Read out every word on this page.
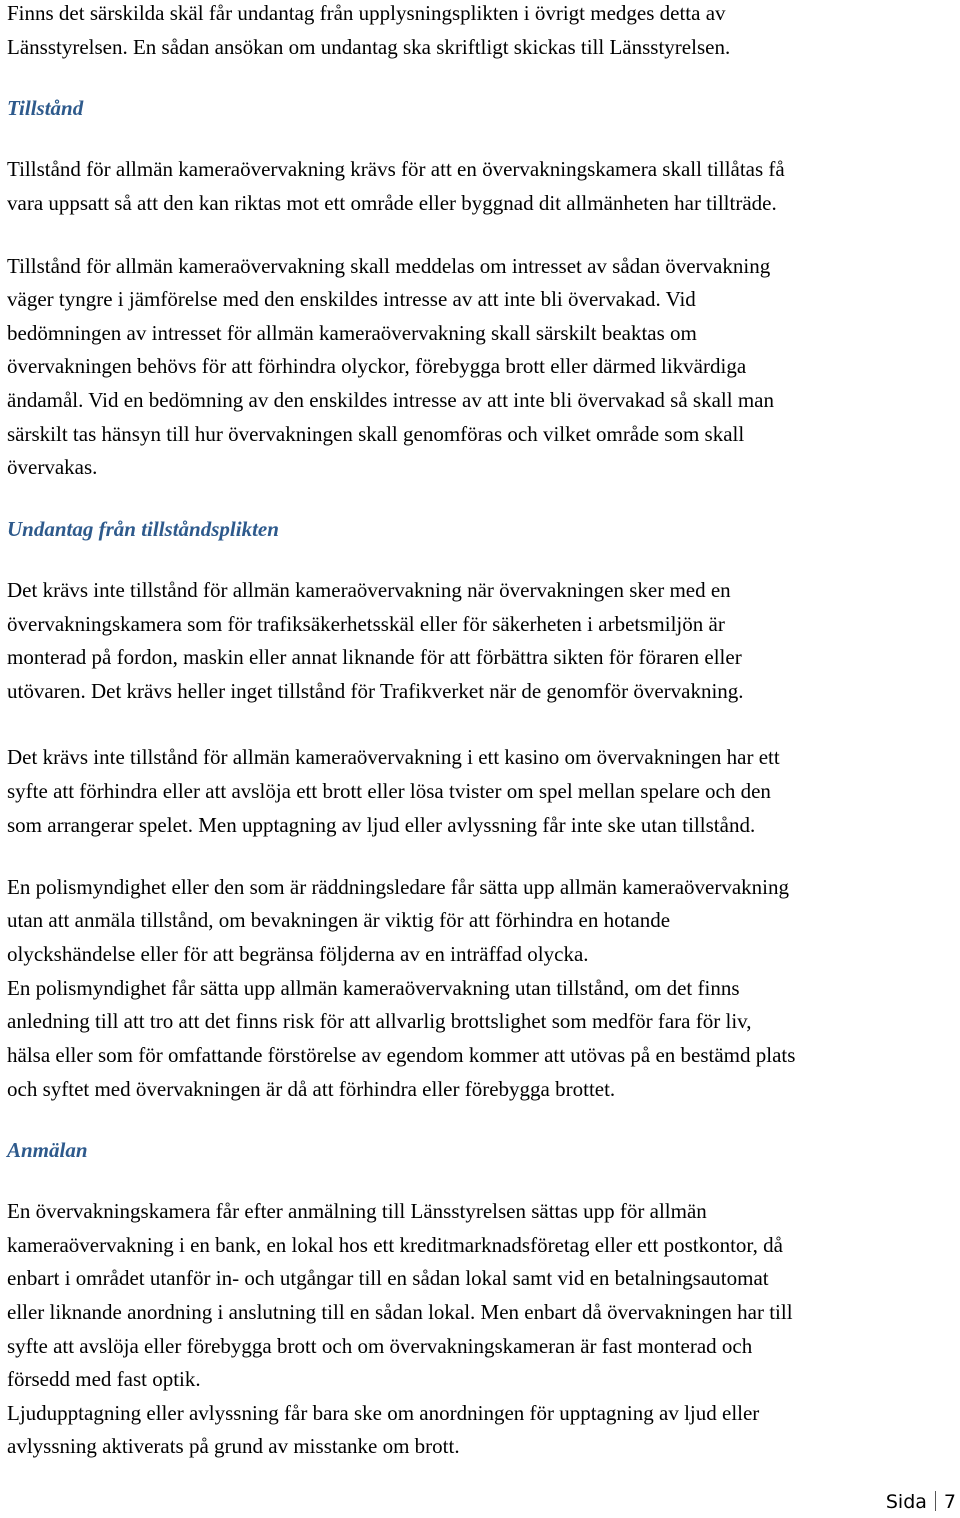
Finns det särskilda skäl får undantag från upplysningsplikten i övrigt medges detta av
Länsstyrelsen. En sådan ansökan om undantag ska skriftligt skickas till Länsstyrelsen.
Tillstånd
Tillstånd för allmän kameraövervakning krävs för att en övervakningskamera skall tillåtas få
vara uppsatt så att den kan riktas mot ett område eller byggnad dit allmänheten har tillträde.
Tillstånd för allmän kameraövervakning skall meddelas om intresset av sådan övervakning
väger tyngre i jämförelse med den enskildes intresse av att inte bli övervakad. Vid
bedömningen av intresset för allmän kameraövervakning skall särskilt beaktas om
övervakningen behövs för att förhindra olyckor, förebygga brott eller därmed likvärdiga
ändamål. Vid en bedömning av den enskildes intresse av att inte bli övervakad så skall man
särskilt tas hänsyn till hur övervakningen skall genomföras och vilket område som skall
övervakas.
Undantag från tillståndsplikten
Det krävs inte tillstånd för allmän kameraövervakning när övervakningen sker med en
övervakningskamera som för trafiksäkerhetsskäl eller för säkerheten i arbetsmiljön är
monterad på fordon, maskin eller annat liknande för att förbättra sikten för föraren eller
utövaren. Det krävs heller inget tillstånd för Trafikverket när de genomför övervakning.
Det krävs inte tillstånd för allmän kameraövervakning i ett kasino om övervakningen har ett
syfte att förhindra eller att avslöja ett brott eller lösa tvister om spel mellan spelare och den
som arrangerar spelet. Men upptagning av ljud eller avlyssning får inte ske utan tillstånd.
En polismyndighet eller den som är räddningsledare får sätta upp allmän kameraövervakning
utan att anmäla tillstånd, om bevakningen är viktig för att förhindra en hotande
olyckshändelse eller för att begränsa följderna av en inträffad olycka.
En polismyndighet får sätta upp allmän kameraövervakning utan tillstånd, om det finns
anledning till att tro att det finns risk för att allvarlig brottslighet som medför fara för liv,
hälsa eller som för omfattande förstörelse av egendom kommer att utövas på en bestämd plats
och syftet med övervakningen är då att förhindra eller förebygga brottet.
Anmälan
En övervakningskamera får efter anmälning till Länsstyrelsen sättas upp för allmän
kameraövervakning i en bank, en lokal hos ett kreditmarknadsföretag eller ett postkontor, då
enbart i området utanför in- och utgångar till en sådan lokal samt vid en betalningsautomat
eller liknande anordning i anslutning till en sådan lokal. Men enbart då övervakningen har till
syfte att avslöja eller förebygga brott och om övervakningskameran är fast monterad och
försedd med fast optik.
Ljudupptagning eller avlyssning får bara ske om anordningen för upptagning av ljud eller
avlyssning aktiverats på grund av misstanke om brott.
Sida 7
